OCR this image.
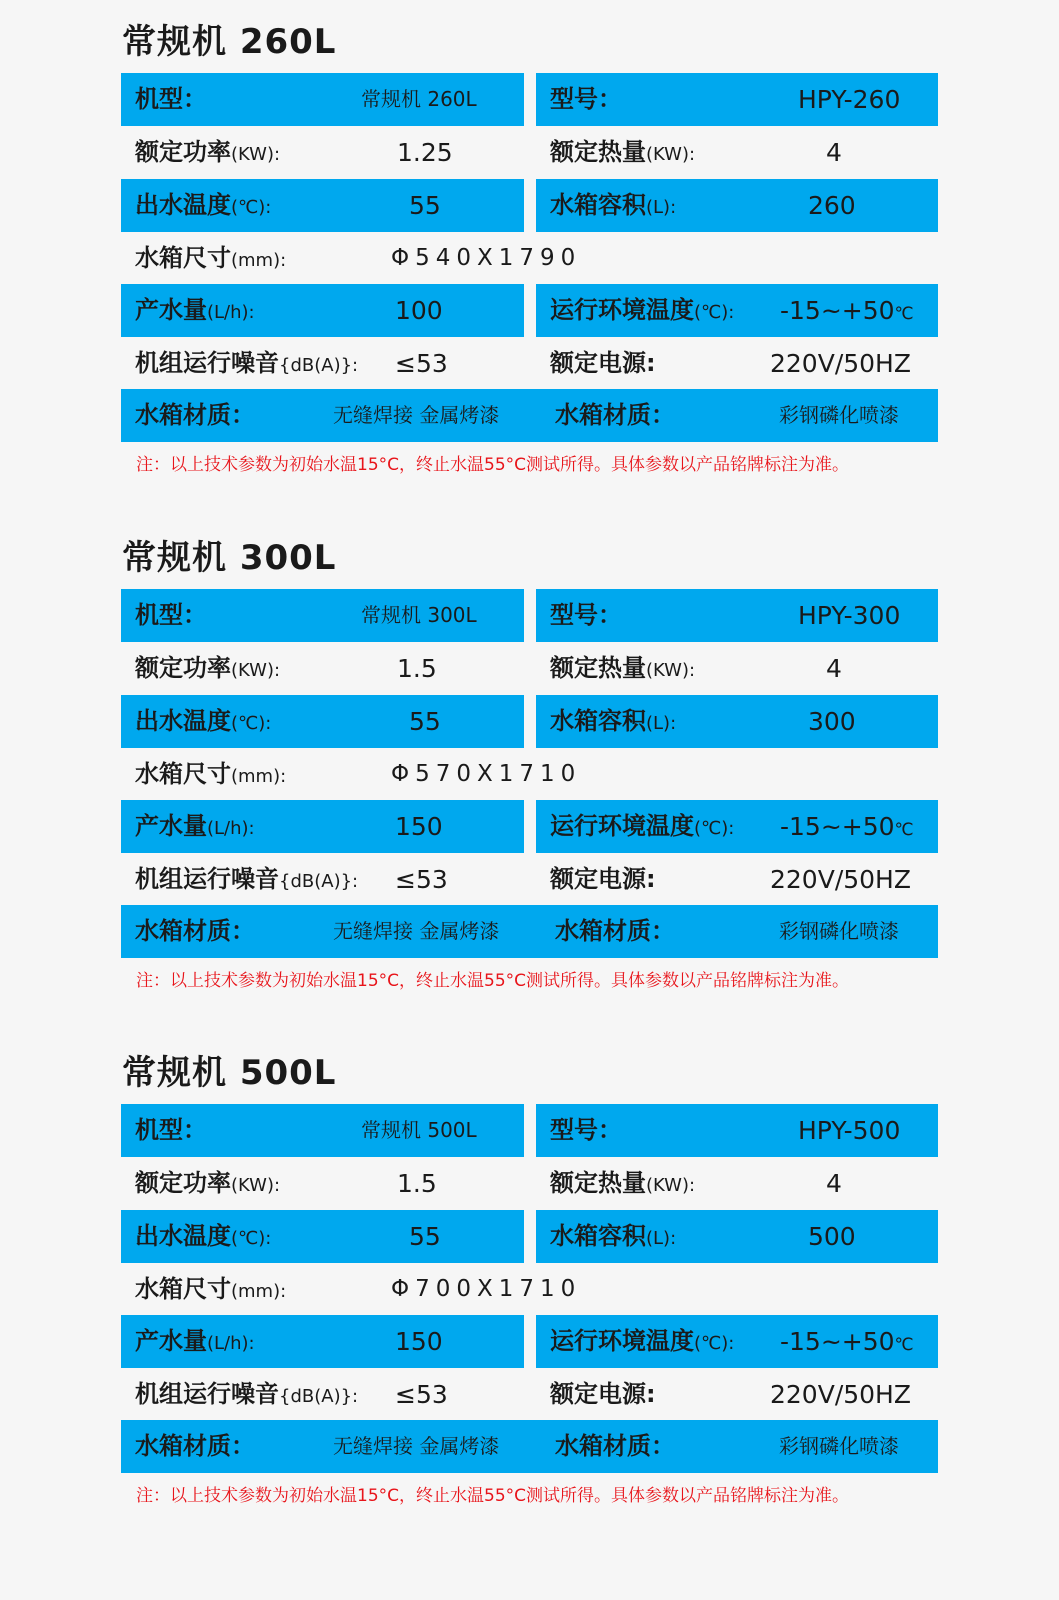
常规机 260L
机型：	常规机 260L	型号：	HPY-260
额定功率(KW):	1.25	额定热量(KW):	4
出水温度(℃):	55	水箱容积(L):	260
水箱尺寸(mm):	Φ540X1790
产水量(L/h):	100	运行环境温度(℃): -15~+50℃
机组运行噪音{dB(A)}: ≤53	额定电源:	220V/50HZ
水箱材质：	无缝焊接 金属烤漆 水箱材质：	彩钢磷化喷漆
注：以上技术参数为初始水温15°C，终止水温55°C测试所得。具体参数以产品铭牌标注为准。
常规机 300L
机型：	常规机 300L	型号：	HPY-300
额定功率(KW):	1.5	额定热量(KW):	4
出水温度(℃):	55	水箱容积(L):	300
水箱尺寸(mm):	Φ570X1710
产水量(L/h):	150	运行环境温度(℃): -15~+50℃
机组运行噪音{dB(A)}: ≤53	额定电源:	220V/50HZ
水箱材质：	无缝焊接 金属烤漆 水箱材质：	彩钢磷化喷漆
注：以上技术参数为初始水温15°C，终止水温55°C测试所得。具体参数以产品铭牌标注为准。
常规机 500L
机型：	常规机 500L	型号：	HPY-500
额定功率(KW):	1.5	额定热量(KW):	4
出水温度(℃):	55	水箱容积(L):	500
水箱尺寸(mm):	Φ700X1710
产水量(L/h):	150	运行环境温度(℃): -15~+50℃
机组运行噪音{dB(A)}: ≤53	额定电源:	220V/50HZ
水箱材质：	无缝焊接 金属烤漆 水箱材质：	彩钢磷化喷漆
注：以上技术参数为初始水温15°C，终止水温55°C测试所得。具体参数以产品铭牌标注为准。
